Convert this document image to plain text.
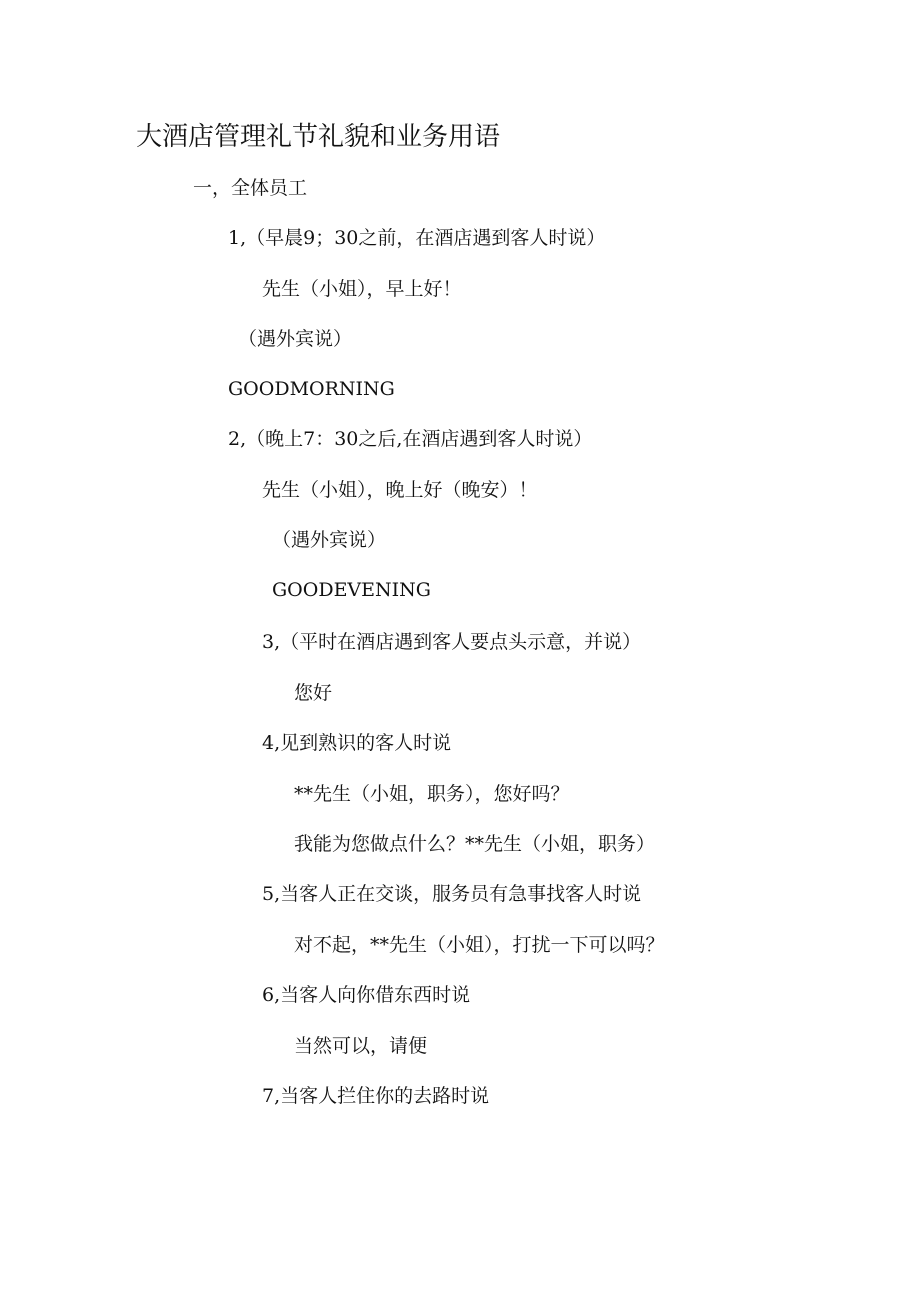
大酒店管理礼节礼貌和业务用语
一，全体员工
1,（早晨9；30之前，在酒店遇到客人时说）
先生（小姐），早上好！
（遇外宾说）
GOODMORNING
2,（晚上7：30之后,在酒店遇到客人时说）
先生（小姐），晚上好（晚安）！
（遇外宾说）
GOODEVENING
3,（平时在酒店遇到客人要点头示意，并说）
您好
4,见到熟识的客人时说
**先生（小姐，职务），您好吗？
我能为您做点什么？**先生（小姐，职务）
5,当客人正在交谈，服务员有急事找客人时说
对不起，**先生（小姐），打扰一下可以吗？
6,当客人向你借东西时说
当然可以，请便
7,当客人拦住你的去路时说
